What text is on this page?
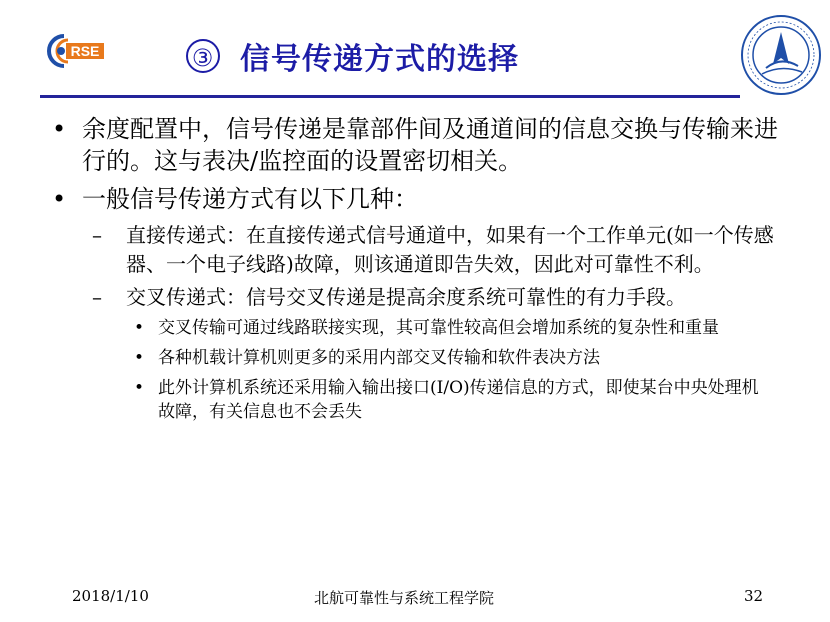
RSE	③ 信号传递方式的选择
• 余度配置中，信号传递是靠部件间及通道间的信息交换与传输来进行的。这与表决/监控面的设置密切相关。
• 一般信号传递方式有以下几种：
–	直接传递式：在直接传递式信号通道中，如果有一个工作单元(如一个传感器、一个电子线路)故障，则该通道即告失效，因此对可靠性不利。
–	交叉传递式：信号交叉传递是提高余度系统可靠性的有力手段。
• 交叉传输可通过线路联接实现，其可靠性较高但会增加系统的复杂性和重量
• 各种机载计算机则更多的采用内部交叉传输和软件表决方法
• 此外计算机系统还采用输入输出接口(I/O)传递信息的方式，即使某台中央处理机故障，有关信息也不会丢失
2018/1/10	北航可靠性与系统工程学院	32
